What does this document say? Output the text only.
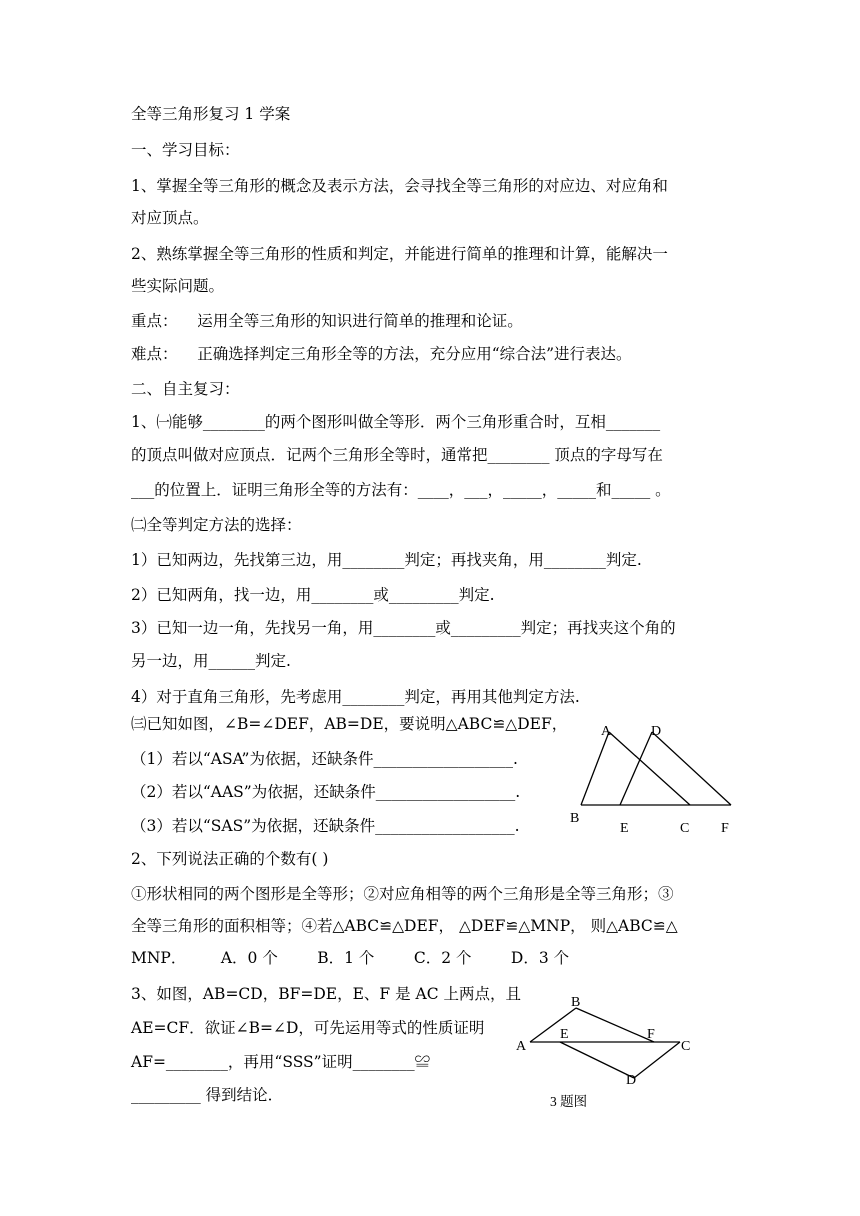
全等三角形复习 1 学案
一、学习目标：
1、掌握全等三角形的概念及表示方法，会寻找全等三角形的对应边、对应角和
对应顶点。
2、熟练掌握全等三角形的性质和判定，并能进行简单的推理和计算，能解决一
些实际问题。
重点：    运用全等三角形的知识进行简单的推理和论证。
难点：    正确选择判定三角形全等的方法，充分应用“综合法”进行表达。
二、自主复习：
1、㈠能够________的两个图形叫做全等形．两个三角形重合时，互相_______
的顶点叫做对应顶点．记两个三角形全等时，通常把________ 顶点的字母写在
___的位置上．证明三角形全等的方法有：____，___，_____，_____和_____ 。
㈡全等判定方法的选择：
1）已知两边，先找第三边，用________判定；再找夹角，用________判定.
2）已知两角，找一边，用________或_________判定.
3）已知一边一角，先找另一角，用________或_________判定；再找夹这个角的
另一边，用______判定.
4）对于直角三角形，先考虑用________判定，再用其他判定方法.
㈢已知如图，∠B=∠DEF，AB=DE，要说明△ABC≌△DEF，
（1）若以“ASA”为依据，还缺条件__________________.
（2）若以“AAS”为依据，还缺条件__________________.
（3）若以“SAS”为依据，还缺条件__________________.
A	D
B
E	C F
2、下列说法正确的个数有( )
①形状相同的两个图形是全等形；②对应角相等的两个三角形是全等三角形；③
全等三角形的面积相等；④若△ABC≌△DEF， △DEF≌△MNP， 则△ABC≌△
MNP．       A．0 个        B．1 个        C．2 个        D．3 个
3、如图，AB=CD，BF=DE，E、F 是 AC 上两点，且
AE=CF．欲证∠B=∠D，可先运用等式的性质证明
AF=________，再用“SSS”证明________≌
_________ 得到结论．
B
A
E	F
C
D
3 题图
